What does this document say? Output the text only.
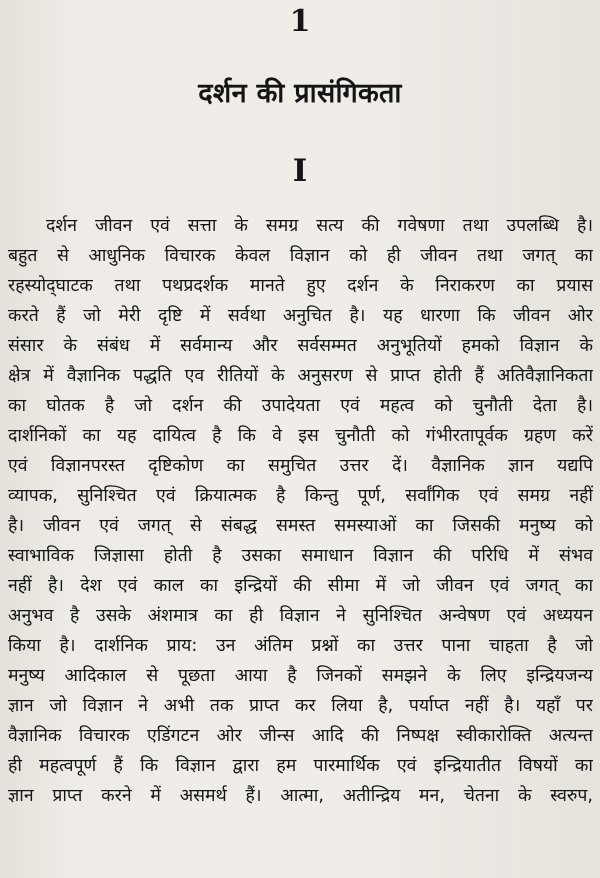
1
दर्शन की प्रासंगिकता
I
दर्शन जीवन एवं सत्ता के समग्र सत्य की गवेषणा तथा उपलब्धि है।
बहुत से आधुनिक विचारक केवल विज्ञान को ही जीवन तथा जगत् का
रहस्योद्‌घाटक तथा पथप्रदर्शक मानते हुए दर्शन के निराकरण का प्रयास
करते हैं जो मेरी दृष्टि में सर्वथा अनुचित है। यह धारणा कि जीवन ओर
संसार के संबंध में सर्वमान्य और सर्वसम्मत अनुभूतियों हमको विज्ञान के
क्षेत्र में वैज्ञानिक पद्धति एव रीतियों के अनुसरण से प्राप्त होती हैं अतिवैज्ञानिकता
का घोतक है जो दर्शन की उपादेयता एवं महत्व को चुनौती देता है।
दार्शनिकों का यह दायित्व है कि वे इस चुनौती को गंभीरतापूर्वक ग्रहण करें
एवं विज्ञानपरस्त दृष्टिकोण का समुचित उत्तर दें। वैज्ञानिक ज्ञान यद्यपि
व्यापक, सुनिश्चित एवं क्रियात्मक है किन्तु पूर्ण, सर्वांगिक एवं समग्र नहीं
है। जीवन एवं जगत् से संबद्ध समस्त समस्याओं का जिसकी मनुष्य को
स्वाभाविक जिज्ञासा होती है उसका समाधान विज्ञान की परिधि में संभव
नहीं है। देश एवं काल का इन्द्रियों की सीमा में जो जीवन एवं जगत् का
अनुभव है उसके अंशमात्र का ही विज्ञान ने सुनिश्चित अन्वेषण एवं अध्ययन
किया है। दार्शनिक प्राय: उन अंतिम प्रश्नों का उत्तर पाना चाहता है जो
मनुष्य आदिकाल से पूछता आया है जिनकों समझने के लिए इन्द्रियजन्य
ज्ञान जो विज्ञान ने अभी तक प्राप्त कर लिया है, पर्याप्त नहीं है। यहाँ पर
वैज्ञानिक विचारक एडिंगटन ओर जीन्स आदि की निष्पक्ष स्वीकारोक्ति अत्यन्त
ही महत्वपूर्ण हैं कि विज्ञान द्वारा हम पारमार्थिक एवं इन्द्रियातीत विषयों का
ज्ञान प्राप्त करने में असमर्थ हैं। आत्मा, अतीन्द्रिय मन, चेतना के स्वरुप,
